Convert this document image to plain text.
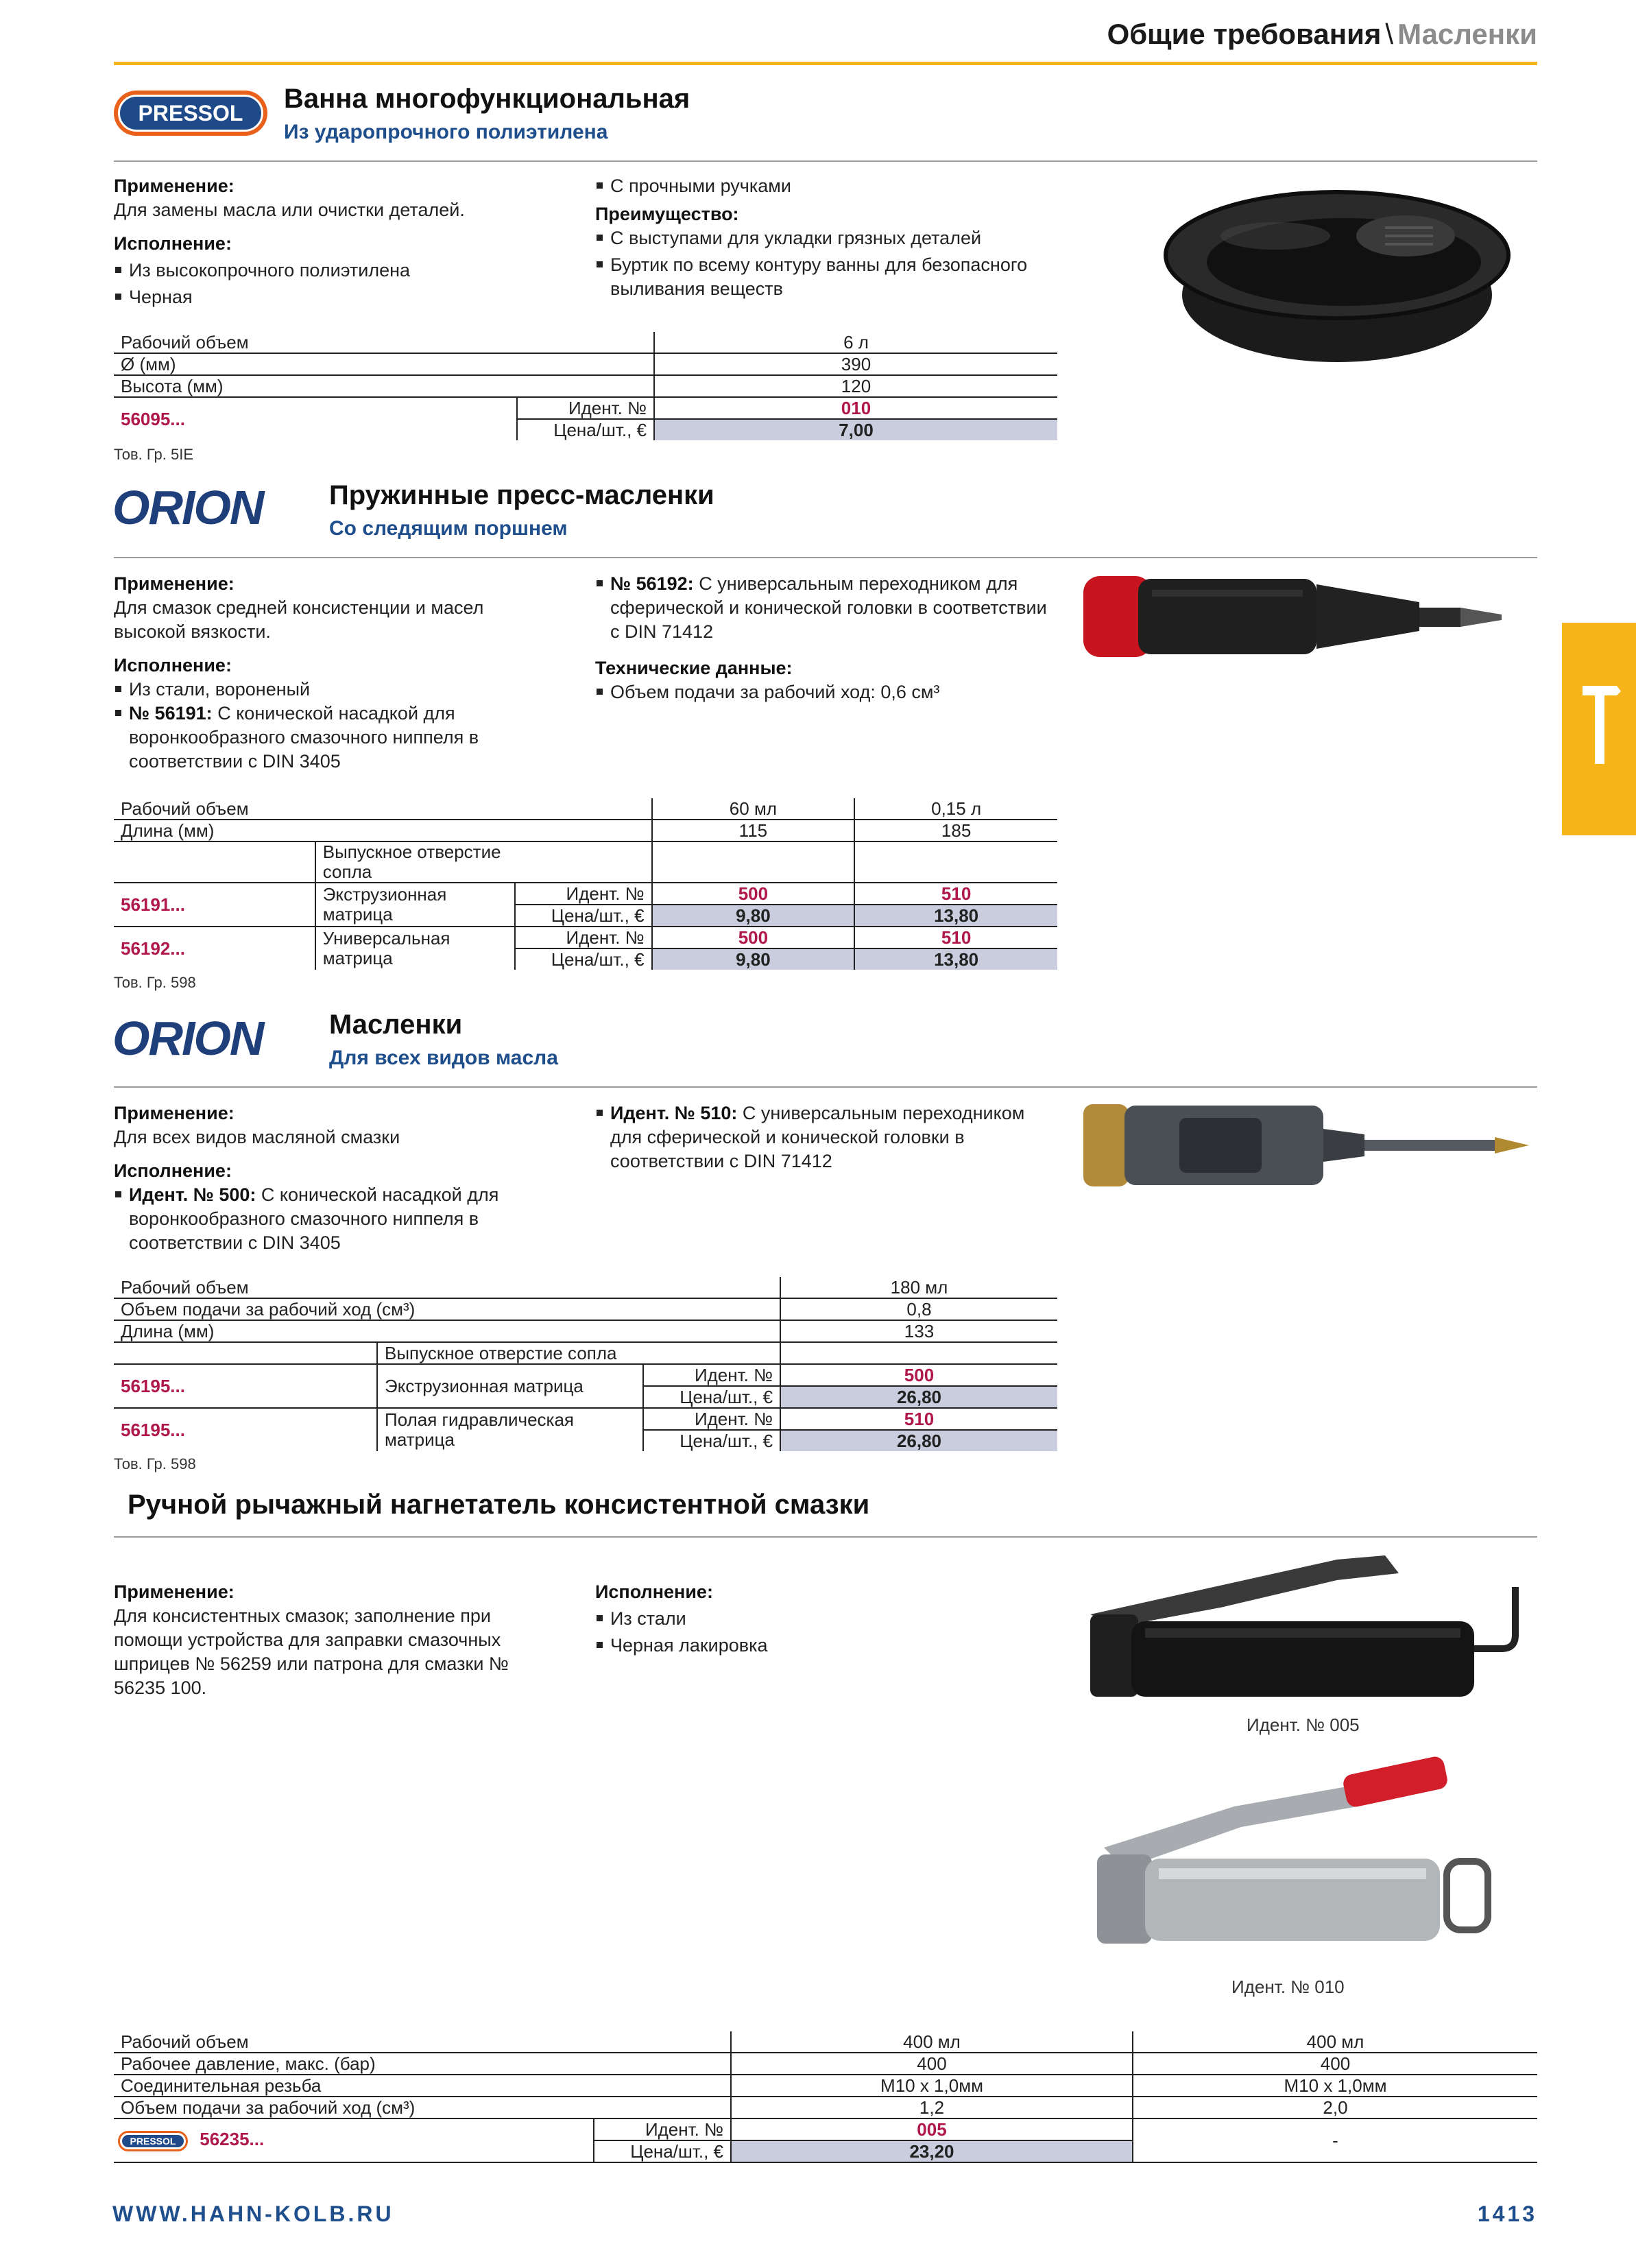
Общие требования \ Масленки
PRESSOL	Ванна многофункциональная
Из ударопрочного полиэтилена
Применение:
Для замены масла или очистки деталей.
Исполнение:
Из высокопрочного полиэтилена
Черная
С прочными ручками
Преимущество:
С выступами для укладки грязных деталей
Буртик по всему контуру ванны для безопасного выливания веществ
Рабочий объем		6 л
Ø (мм)		390
Высота (мм)		120
56095...	Идент. №	010
	Цена/шт., €	7,00
Тов. Гр. 5IE
ORION Пружинные пресс-масленки
Со следящим поршнем
Применение:
Для смазок средней консистенции и масел высокой вязкости.
Исполнение:
Из стали, вороненый
№ 56191: С конической насадкой для воронкообразного смазочного ниппеля в соответствии с DIN 3405
№ 56192: С универсальным переходником для сферической и конической головки в соответствии с DIN 71412
Технические данные:
Объем подачи за рабочий ход: 0,6 см³
Рабочий объем			60 мл	0,15 л
Длина (мм)			115	185
	Выпускное отверстие сопла			
56191...	Экструзионная матрица	Идент. №	500	510
		Цена/шт., €	9,80	13,80
56192...	Универсальная матрица	Идент. №	500	510
		Цена/шт., €	9,80	13,80
Тов. Гр. 598
ORION Масленки
Для всех видов масла
Применение:
Для всех видов масляной смазки
Исполнение:
Идент. № 500: С конической насадкой для воронкообразного смазочного ниппеля в соответствии с DIN 3405
Идент. № 510: С универсальным переходником для сферической и конической головки в соответствии с DIN 71412
Рабочий объем			180 мл
Объем подачи за рабочий ход (см³)			0,8
Длина (мм)			133
	Выпускное отверстие сопла		
56195...	Экструзионная матрица	Идент. №	500
		Цена/шт., €	26,80
56195...	Полая гидравлическая матрица	Идент. №	510
		Цена/шт., €	26,80
Тов. Гр. 598
Ручной рычажный нагнетатель консистентной смазки
Применение:
Для консистентных смазок; заполнение при помощи устройства для заправки смазочных шприцев № 56259 или патрона для смазки № 56235 100.
Исполнение:
Из стали
Черная лакировка
Идент. № 005
Идент. № 010
Рабочий объем		400 мл	400 мл
Рабочее давление, макс. (бар)		400	400
Соединительная резьба		M10 x 1,0мм	M10 x 1,0мм
Объем подачи за рабочий ход (см³)		1,2	2,0

PRESSOL 56235...	Идент. №	005	-
	Цена/шт., €	23,20	
WWW.HAHN-KOLB.RU	1413
